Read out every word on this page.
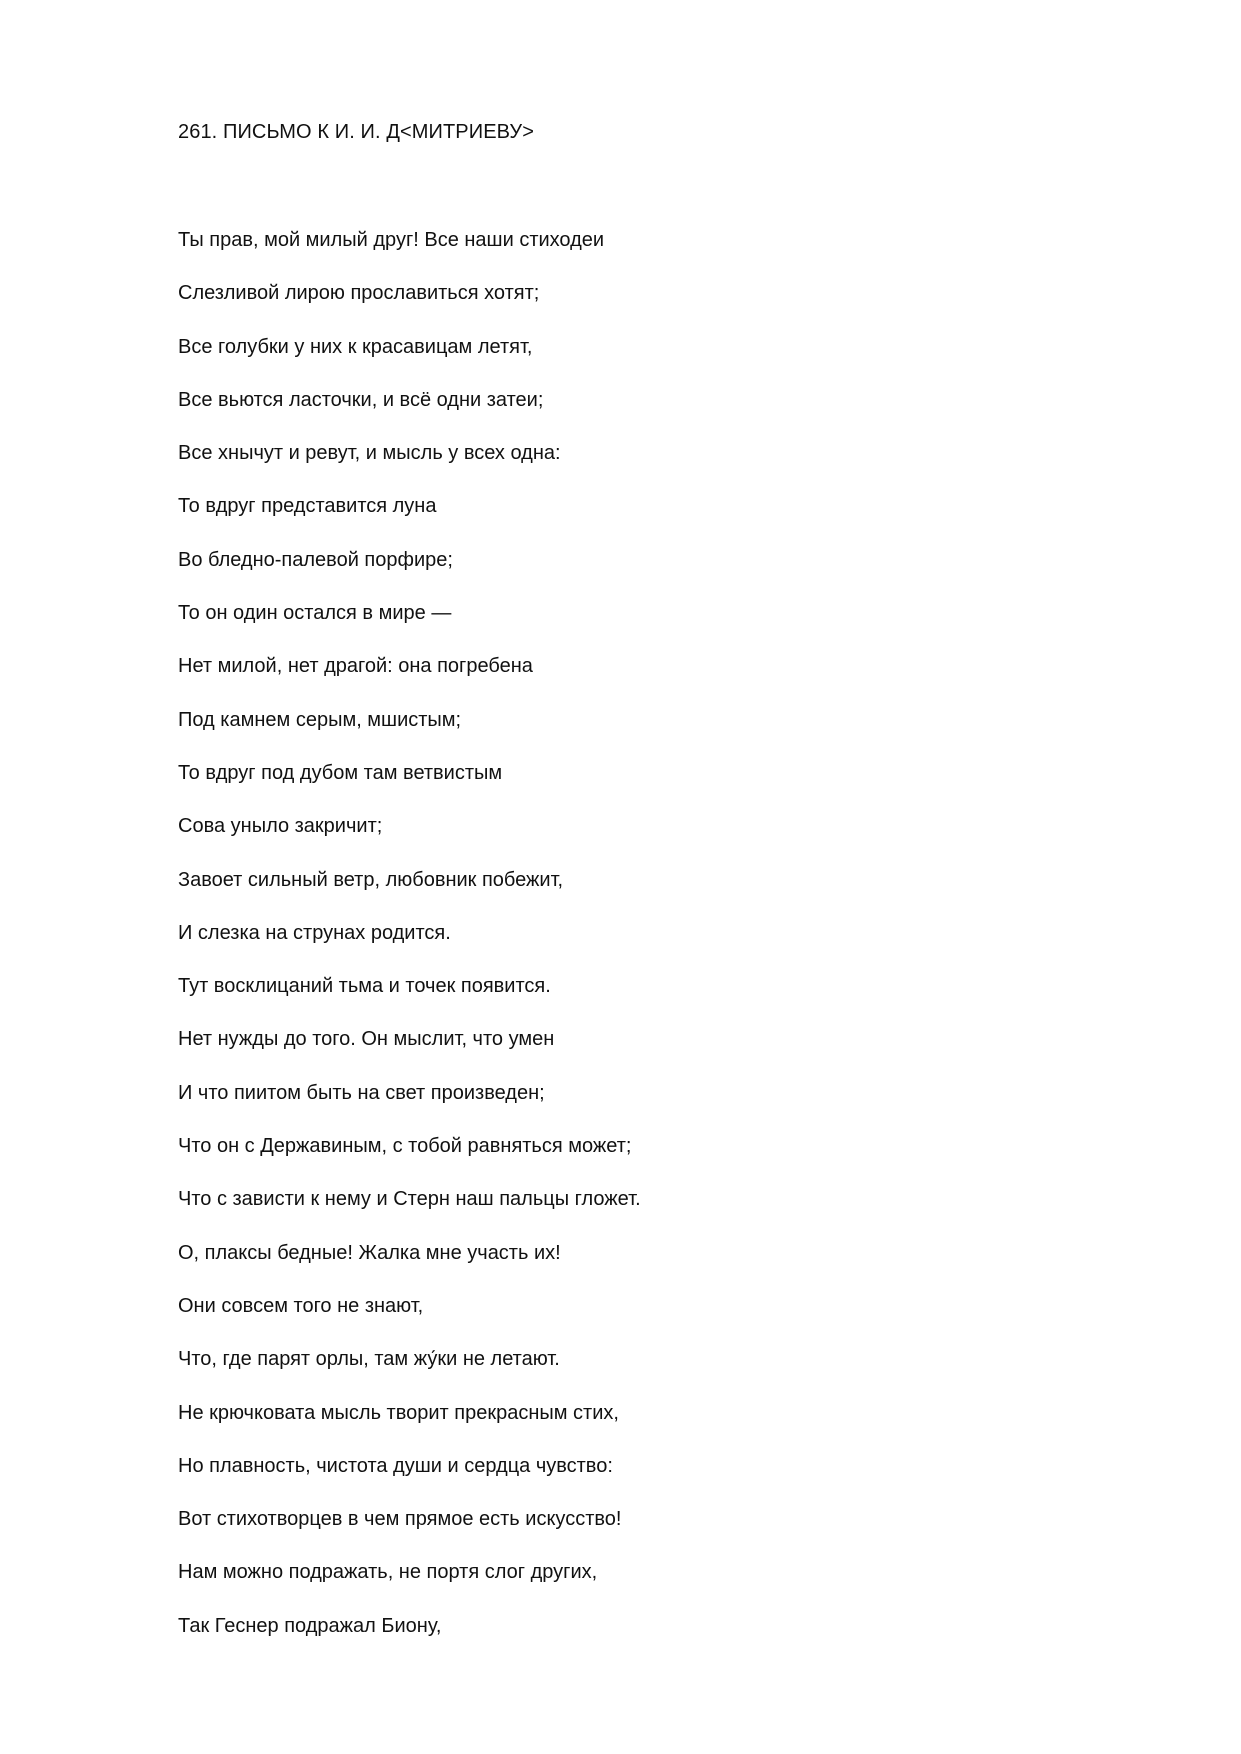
261. ПИСЬМО К И. И. Д<МИТРИЕВУ>
Ты прав, мой милый друг! Все наши стиходеи
Слезливой лирою прославиться хотят;
Все голубки у них к красавицам летят,
Все вьются ласточки, и всё одни затеи;
Все хнычут и ревут, и мысль у всех одна:
То вдруг представится луна
Во бледно-палевой порфире;
То он один остался в мире —
Нет милой, нет драгой: она погребена
Под камнем серым, мшистым;
То вдруг под дубом там ветвистым
Сова уныло закричит;
Завоет сильный ветр, любовник побежит,
И слезка на струнах родится.
Тут восклицаний тьма и точек появится.
Нет нужды до того. Он мыслит, что умен
И что пиитом быть на свет произведен;
Что он с Державиным, с тобой равняться может;
Что с зависти к нему и Стерн наш пальцы гложет.
О, плаксы бедные! Жалка мне участь их!
Они совсем того не знают,
Что, где парят орлы, там жу́ки не летают.
Не крючковата мысль творит прекрасным стих,
Но плавность, чистота души и сердца чувство:
Вот стихотворцев в чем прямое есть искусство!
Нам можно подражать, не портя слог других,
Так Геснер подражал Биону,
